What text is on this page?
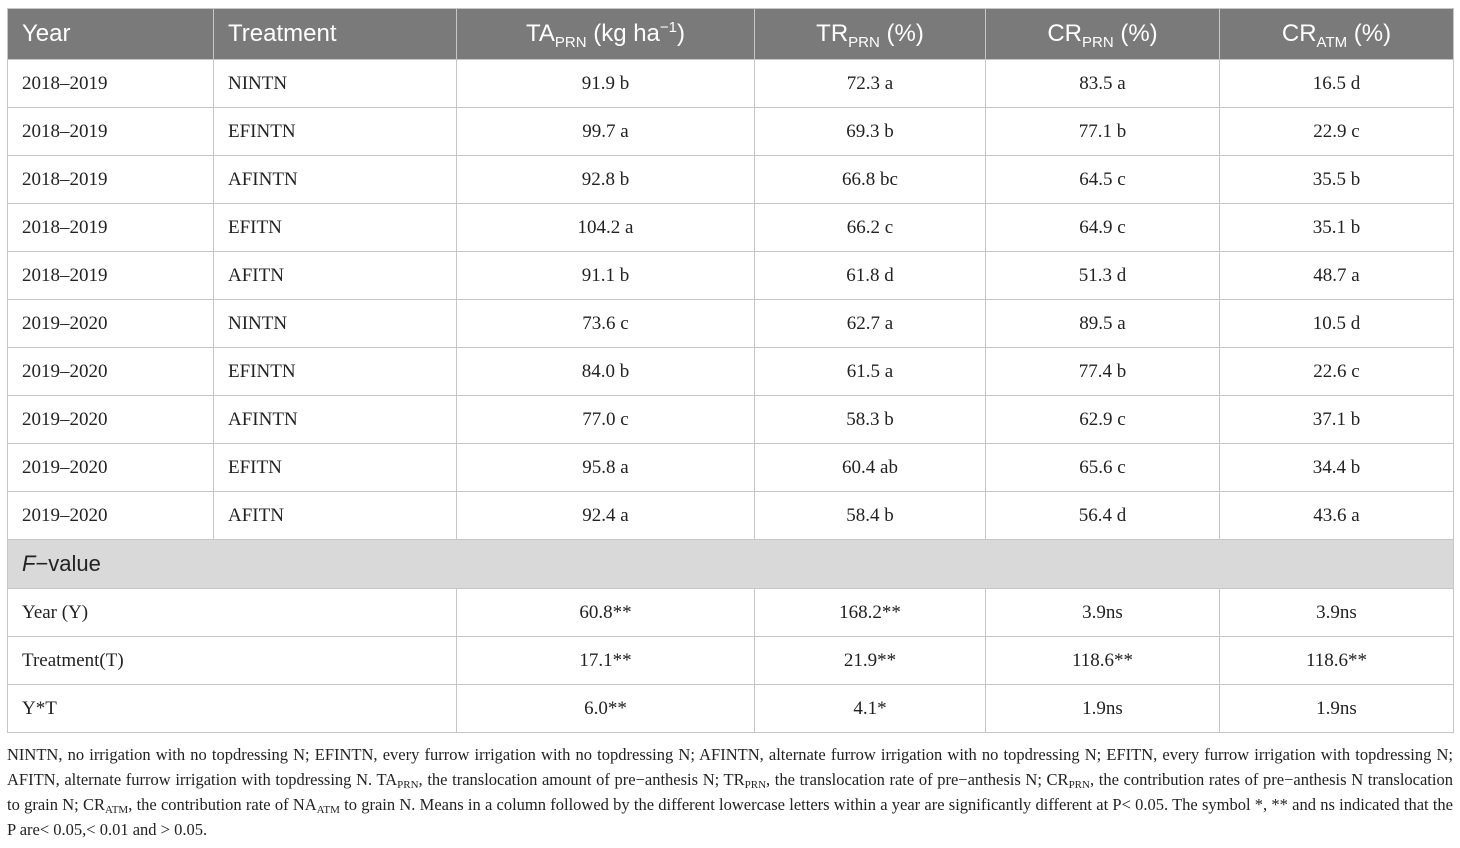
Year	Treatment	$TA_{PRN}$ (kg $ha^{-1}$)	$TR_{PRN}$ (%)	$CR_{PRN}$ (%)	$CR_{ATM}$ (%)
2018–2019	NINTN	91.9 b	72.3 a	83.5 a	16.5 d
2018–2019	EFINTN	99.7 a	69.3 b	77.1 b	22.9 c
2018–2019	AFINTN	92.8 b	66.8 bc	64.5 c	35.5 b
2018–2019	EFITN	104.2 a	66.2 c	64.9 c	35.1 b
2018–2019	AFITN	91.1 b	61.8 d	51.3 d	48.7 a
2019–2020	NINTN	73.6 c	62.7 a	89.5 a	10.5 d
2019–2020	EFINTN	84.0 b	61.5 a	77.4 b	22.6 c
2019–2020	AFINTN	77.0 c	58.3 b	62.9 c	37.1 b
2019–2020	EFITN	95.8 a	60.4 ab	65.6 c	34.4 b
2019–2020	AFITN	92.4 a	58.4 b	56.4 d	43.6 a
F−value					
Year (Y)		60.8**	168.2**	3.9ns	3.9ns
Treatment(T)		17.1**	21.9**	118.6**	118.6**
Y*T		6.0**	4.1*	1.9ns	1.9ns
NINTN, no irrigation with no topdressing N; EFINTN, every furrow irrigation with no topdressing N; AFINTN, alternate furrow irrigation with no topdressing N; EFITN, every furrow irrigation with topdressing N; AFITN, alternate furrow irrigation with topdressing N. $TA_{PRN}$, the translocation amount of pre−anthesis N; $TR_{PRN}$, the translocation rate of pre−anthesis N; $CR_{PRN}$, the contribution rates of pre−anthesis N translocation to grain N; $CR_{ATM}$, the contribution rate of $NA_{ATM}$ to grain N. Means in a column followed by the different lowercase letters within a year are significantly different at P< 0.05. The symbol *, ** and ns indicated that the P are< 0.05,< 0.01 and > 0.05.
